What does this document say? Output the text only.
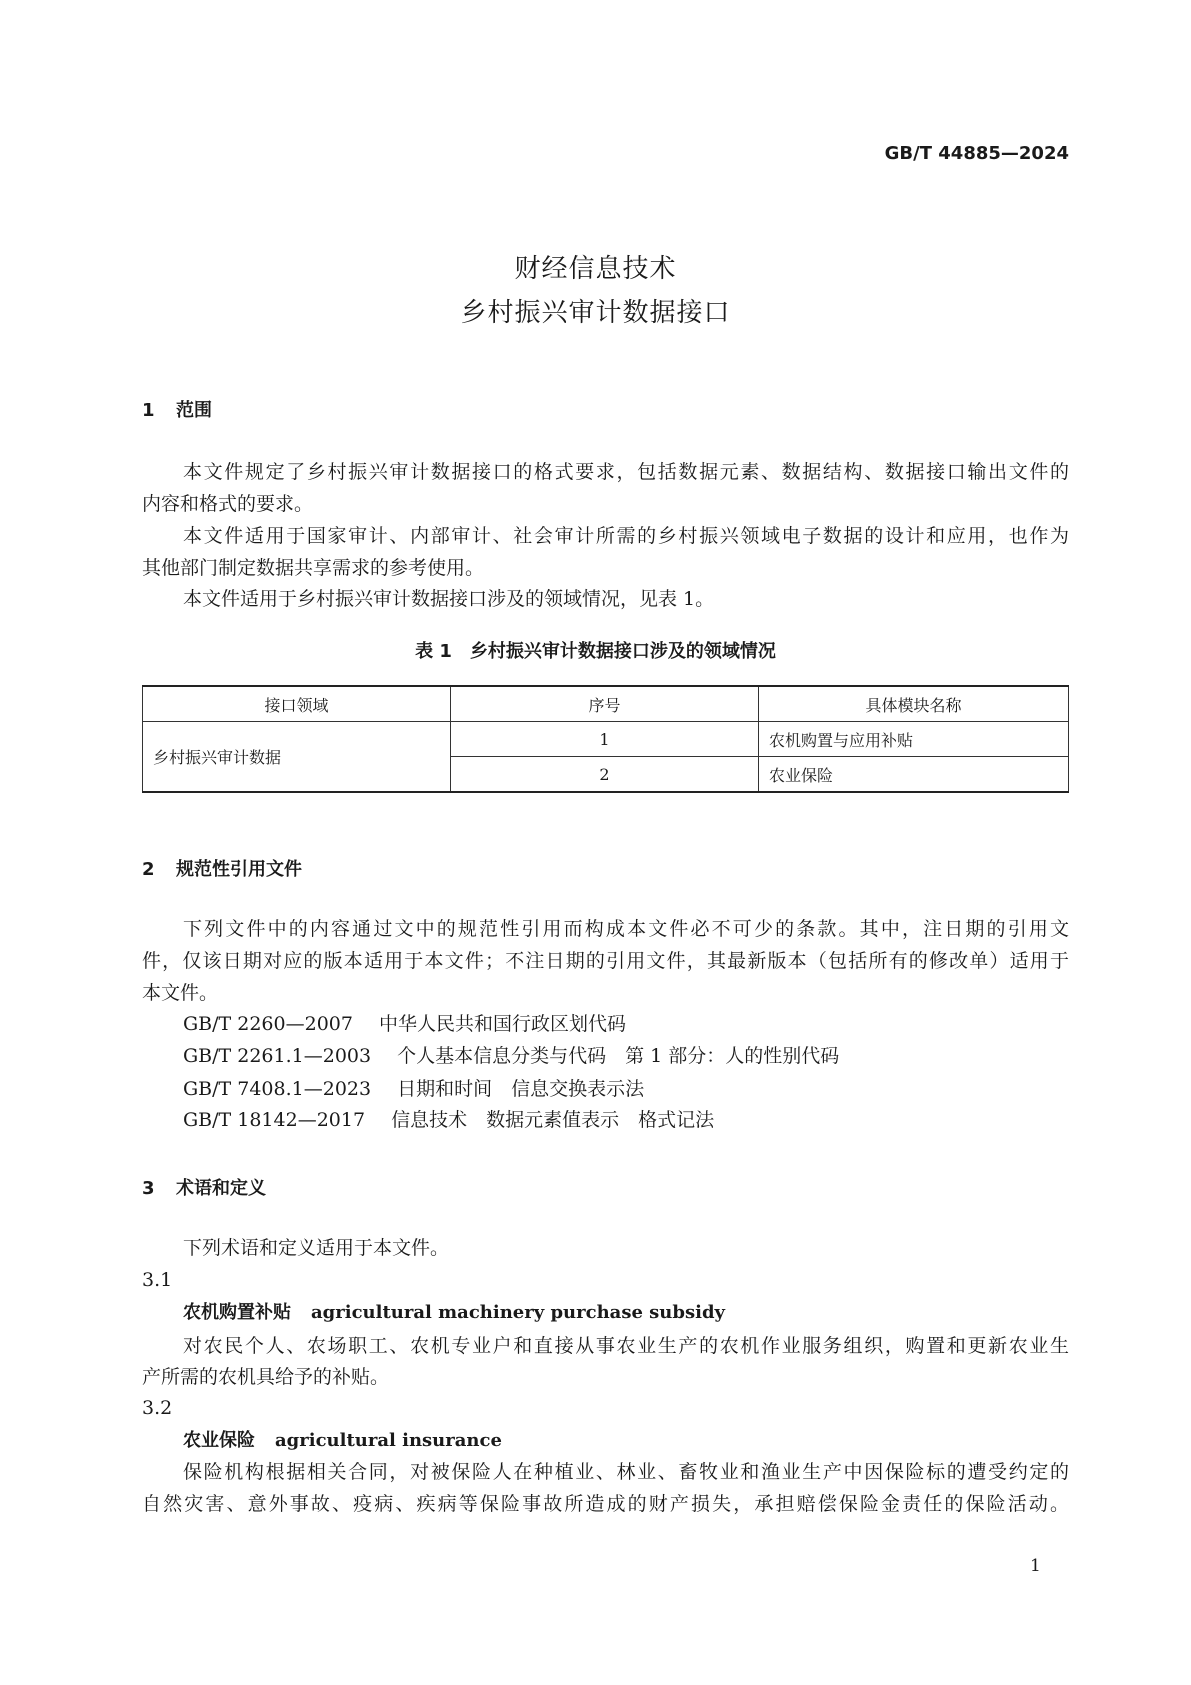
GB/T 44885—2024
财经信息技术
乡村振兴审计数据接口
1 范围
本文件规定了乡村振兴审计数据接口的格式要求，包括数据元素、数据结构、数据接口输出文件的
内容和格式的要求。
本文件适用于国家审计、内部审计、社会审计所需的乡村振兴领域电子数据的设计和应用，也作为
其他部门制定数据共享需求的参考使用。
本文件适用于乡村振兴审计数据接口涉及的领域情况，见表 1。
表 1　乡村振兴审计数据接口涉及的领域情况
接口领域	序号	具体模块名称
乡村振兴审计数据	1	农机购置与应用补贴
	2	农业保险
2 规范性引用文件
下列文件中的内容通过文中的规范性引用而构成本文件必不可少的条款。其中，注日期的引用文
件，仅该日期对应的版本适用于本文件；不注日期的引用文件，其最新版本（包括所有的修改单）适用于
本文件。
GB/T 2260—2007 中华人民共和国行政区划代码
GB/T 2261.1—2003 个人基本信息分类与代码　第 1 部分：人的性别代码
GB/T 7408.1—2023 日期和时间　信息交换表示法
GB/T 18142—2017 信息技术　数据元素值表示　格式记法
3 术语和定义
下列术语和定义适用于本文件。
3.1
农机购置补贴 agricultural machinery purchase subsidy
对农民个人、农场职工、农机专业户和直接从事农业生产的农机作业服务组织，购置和更新农业生
产所需的农机具给予的补贴。
3.2
农业保险 agricultural insurance
保险机构根据相关合同，对被保险人在种植业、林业、畜牧业和渔业生产中因保险标的遭受约定的
自然灾害、意外事故、疫病、疾病等保险事故所造成的财产损失，承担赔偿保险金责任的保险活动。
1
